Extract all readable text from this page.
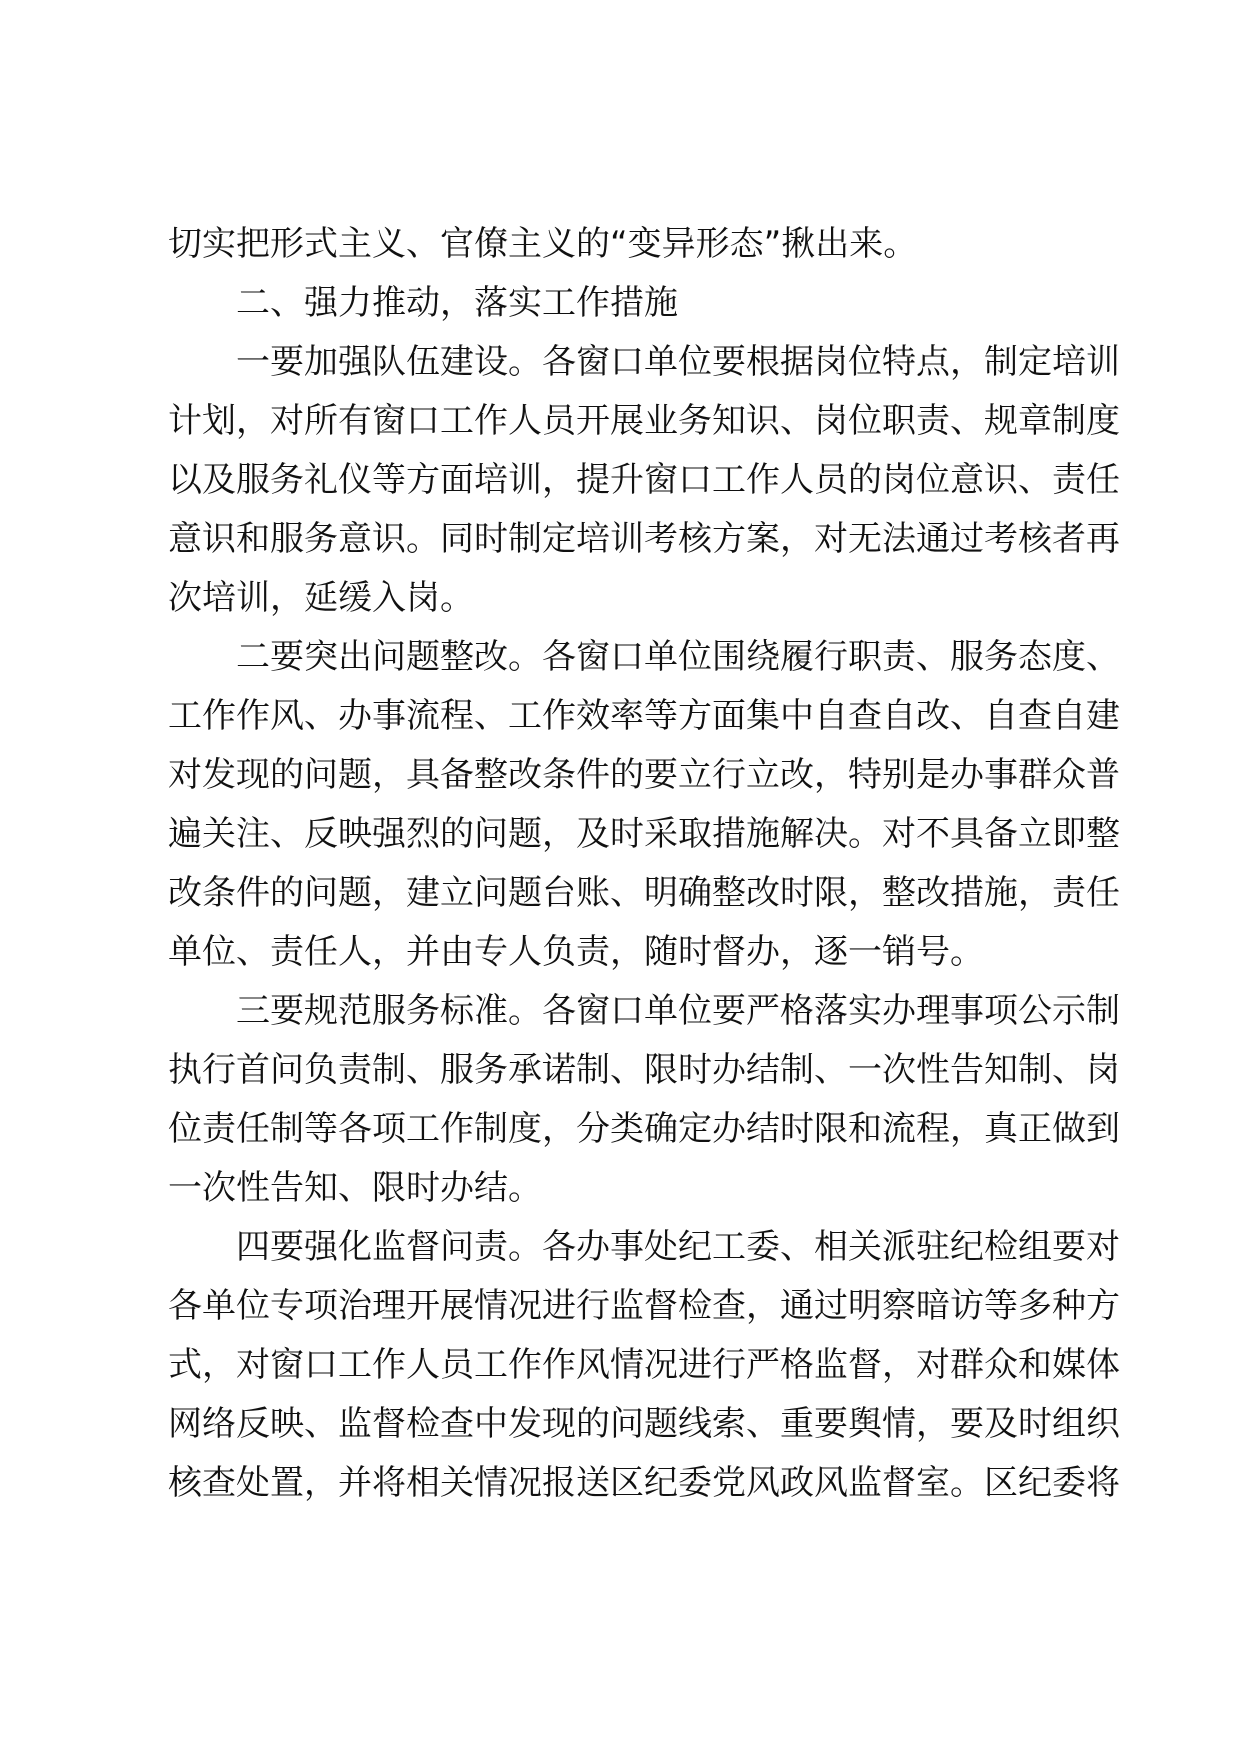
切实把形式主义、官僚主义的“变异形态”揪出来。
二、强力推动，落实工作措施
一要加强队伍建设。各窗口单位要根据岗位特点，制定培训
计划，对所有窗口工作人员开展业务知识、岗位职责、规章制度
以及服务礼仪等方面培训，提升窗口工作人员的岗位意识、责任
意识和服务意识。同时制定培训考核方案，对无法通过考核者再
次培训，延缓入岗。
二要突出问题整改。各窗口单位围绕履行职责、服务态度、
工作作风、办事流程、工作效率等方面集中自查自改、自查自建
对发现的问题，具备整改条件的要立行立改，特别是办事群众普
遍关注、反映强烈的问题，及时采取措施解决。对不具备立即整
改条件的问题，建立问题台账、明确整改时限，整改措施，责任
单位、责任人，并由专人负责，随时督办，逐一销号。
三要规范服务标准。各窗口单位要严格落实办理事项公示制
执行首问负责制、服务承诺制、限时办结制、一次性告知制、岗
位责任制等各项工作制度，分类确定办结时限和流程，真正做到
一次性告知、限时办结。
四要强化监督问责。各办事处纪工委、相关派驻纪检组要对
各单位专项治理开展情况进行监督检查，通过明察暗访等多种方
式，对窗口工作人员工作作风情况进行严格监督，对群众和媒体
网络反映、监督检查中发现的问题线索、重要舆情，要及时组织
核查处置，并将相关情况报送区纪委党风政风监督室。区纪委将
